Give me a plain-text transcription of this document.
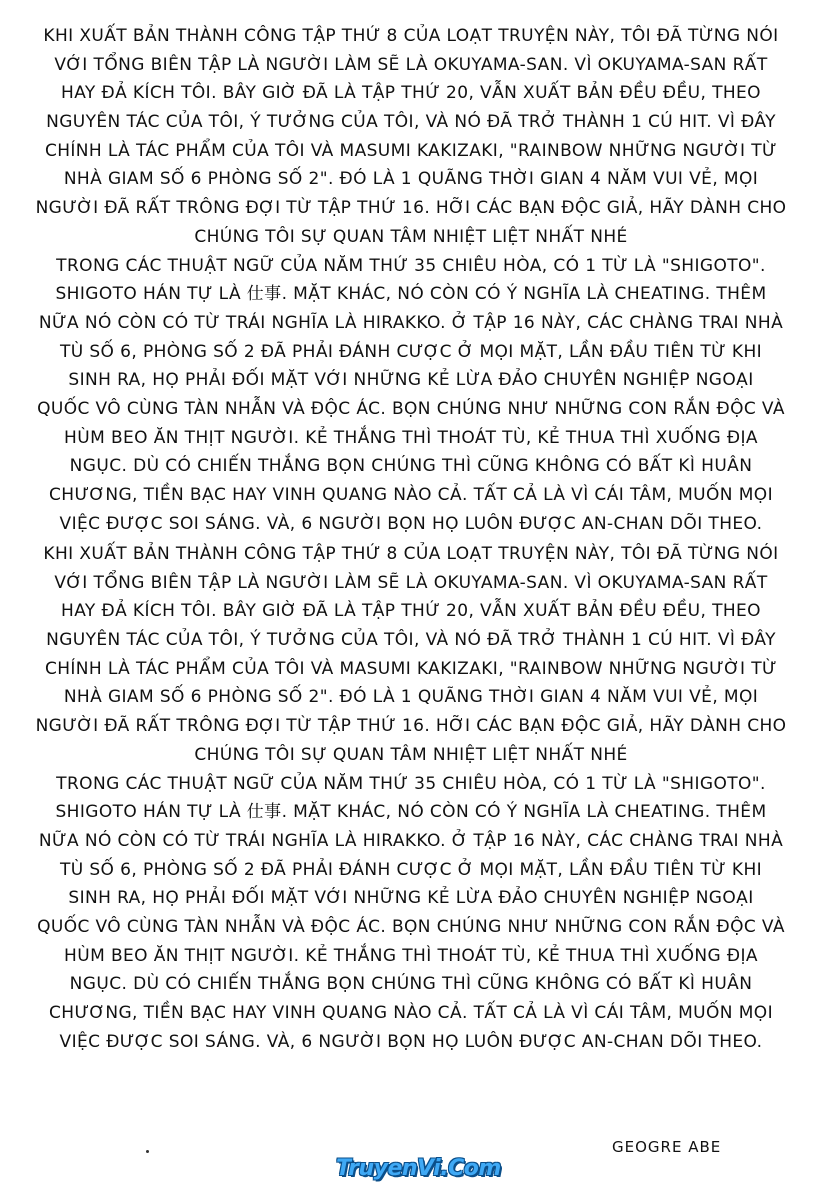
KHI XUẤT BẢN THÀNH CÔNG TẬP THỨ 8 CỦA LOẠT TRUYỆN NÀY, TÔI ĐÃ TỪNG NÓI
VỚI TỔNG BIÊN TẬP LÀ NGƯỜI LÀM SẼ LÀ OKUYAMA-SAN. VÌ OKUYAMA-SAN RẤT
HAY ĐẢ KÍCH TÔI. BÂY GIỜ ĐÃ LÀ TẬP THỨ 20, VẪN XUẤT BẢN ĐỀU ĐỀU, THEO
NGUYÊN TÁC CỦA TÔI, Ý TƯỞNG CỦA TÔI, VÀ NÓ ĐÃ TRỞ THÀNH 1 CÚ HIT. VÌ ĐÂY
CHÍNH LÀ TÁC PHẨM CỦA TÔI VÀ MASUMI KAKIZAKI, "RAINBOW NHỮNG NGƯỜI TỪ
NHÀ GIAM SỐ 6 PHÒNG SỐ 2". ĐÓ LÀ 1 QUÃNG THỜI GIAN 4 NĂM VUI VẺ, MỌI
NGƯỜI ĐÃ RẤT TRÔNG ĐỢI TỪ TẬP THỨ 16. HỠI CÁC BẠN ĐỘC GIẢ, HÃY DÀNH CHO
CHÚNG TÔI SỰ QUAN TÂM NHIỆT LIỆT NHẤT NHÉ
TRONG CÁC THUẬT NGỮ CỦA NĂM THỨ 35 CHIÊU HÒA, CÓ 1 TỪ LÀ "SHIGOTO".
SHIGOTO HÁN TỰ LÀ 仕事. MẶT KHÁC, NÓ CÒN CÓ Ý NGHĨA LÀ CHEATING. THÊM
NỮA NÓ CÒN CÓ TỪ TRÁI NGHĨA LÀ HIRAKKO. Ở TẬP 16 NÀY, CÁC CHÀNG TRAI NHÀ
TÙ SỐ 6, PHÒNG SỐ 2 ĐÃ PHẢI ĐÁNH CƯỢC Ở MỌI MẶT, LẦN ĐẦU TIÊN TỪ KHI
SINH RA, HỌ PHẢI ĐỐI MẶT VỚI NHỮNG KẺ LỪA ĐẢO CHUYÊN NGHIỆP NGOẠI
QUỐC VÔ CÙNG TÀN NHẪN VÀ ĐỘC ÁC. BỌN CHÚNG NHƯ NHỮNG CON RẮN ĐỘC VÀ
HÙM BEO ĂN THỊT NGƯỜI. KẺ THẮNG THÌ THOÁT TÙ, KẺ THUA THÌ XUỐNG ĐỊA
NGỤC. DÙ CÓ CHIẾN THẮNG BỌN CHÚNG THÌ CŨNG KHÔNG CÓ BẤT KÌ HUÂN
CHƯƠNG, TIỀN BẠC HAY VINH QUANG NÀO CẢ. TẤT CẢ LÀ VÌ CÁI TÂM, MUỐN MỌI
VIỆC ĐƯỢC SOI SÁNG. VÀ, 6 NGƯỜI BỌN HỌ LUÔN ĐƯỢC AN-CHAN DÕI THEO.
KHI XUẤT BẢN THÀNH CÔNG TẬP THỨ 8 CỦA LOẠT TRUYỆN NÀY, TÔI ĐÃ TỪNG NÓI
VỚI TỔNG BIÊN TẬP LÀ NGƯỜI LÀM SẼ LÀ OKUYAMA-SAN. VÌ OKUYAMA-SAN RẤT
HAY ĐẢ KÍCH TÔI. BÂY GIỜ ĐÃ LÀ TẬP THỨ 20, VẪN XUẤT BẢN ĐỀU ĐỀU, THEO
NGUYÊN TÁC CỦA TÔI, Ý TƯỞNG CỦA TÔI, VÀ NÓ ĐÃ TRỞ THÀNH 1 CÚ HIT. VÌ ĐÂY
CHÍNH LÀ TÁC PHẨM CỦA TÔI VÀ MASUMI KAKIZAKI, "RAINBOW NHỮNG NGƯỜI TỪ
NHÀ GIAM SỐ 6 PHÒNG SỐ 2". ĐÓ LÀ 1 QUÃNG THỜI GIAN 4 NĂM VUI VẺ, MỌI
NGƯỜI ĐÃ RẤT TRÔNG ĐỢI TỪ TẬP THỨ 16. HỠI CÁC BẠN ĐỘC GIẢ, HÃY DÀNH CHO
CHÚNG TÔI SỰ QUAN TÂM NHIỆT LIỆT NHẤT NHÉ
TRONG CÁC THUẬT NGỮ CỦA NĂM THỨ 35 CHIÊU HÒA, CÓ 1 TỪ LÀ "SHIGOTO".
SHIGOTO HÁN TỰ LÀ 仕事. MẶT KHÁC, NÓ CÒN CÓ Ý NGHĨA LÀ CHEATING. THÊM
NỮA NÓ CÒN CÓ TỪ TRÁI NGHĨA LÀ HIRAKKO. Ở TẬP 16 NÀY, CÁC CHÀNG TRAI NHÀ
TÙ SỐ 6, PHÒNG SỐ 2 ĐÃ PHẢI ĐÁNH CƯỢC Ở MỌI MẶT, LẦN ĐẦU TIÊN TỪ KHI
SINH RA, HỌ PHẢI ĐỐI MẶT VỚI NHỮNG KẺ LỪA ĐẢO CHUYÊN NGHIỆP NGOẠI
QUỐC VÔ CÙNG TÀN NHẪN VÀ ĐỘC ÁC. BỌN CHÚNG NHƯ NHỮNG CON RẮN ĐỘC VÀ
HÙM BEO ĂN THỊT NGƯỜI. KẺ THẮNG THÌ THOÁT TÙ, KẺ THUA THÌ XUỐNG ĐỊA
NGỤC. DÙ CÓ CHIẾN THẮNG BỌN CHÚNG THÌ CŨNG KHÔNG CÓ BẤT KÌ HUÂN
CHƯƠNG, TIỀN BẠC HAY VINH QUANG NÀO CẢ. TẤT CẢ LÀ VÌ CÁI TÂM, MUỐN MỌI
VIỆC ĐƯỢC SOI SÁNG. VÀ, 6 NGƯỜI BỌN HỌ LUÔN ĐƯỢC AN-CHAN DÕI THEO.
TruyenVi.Com
GEOGRE ABE
